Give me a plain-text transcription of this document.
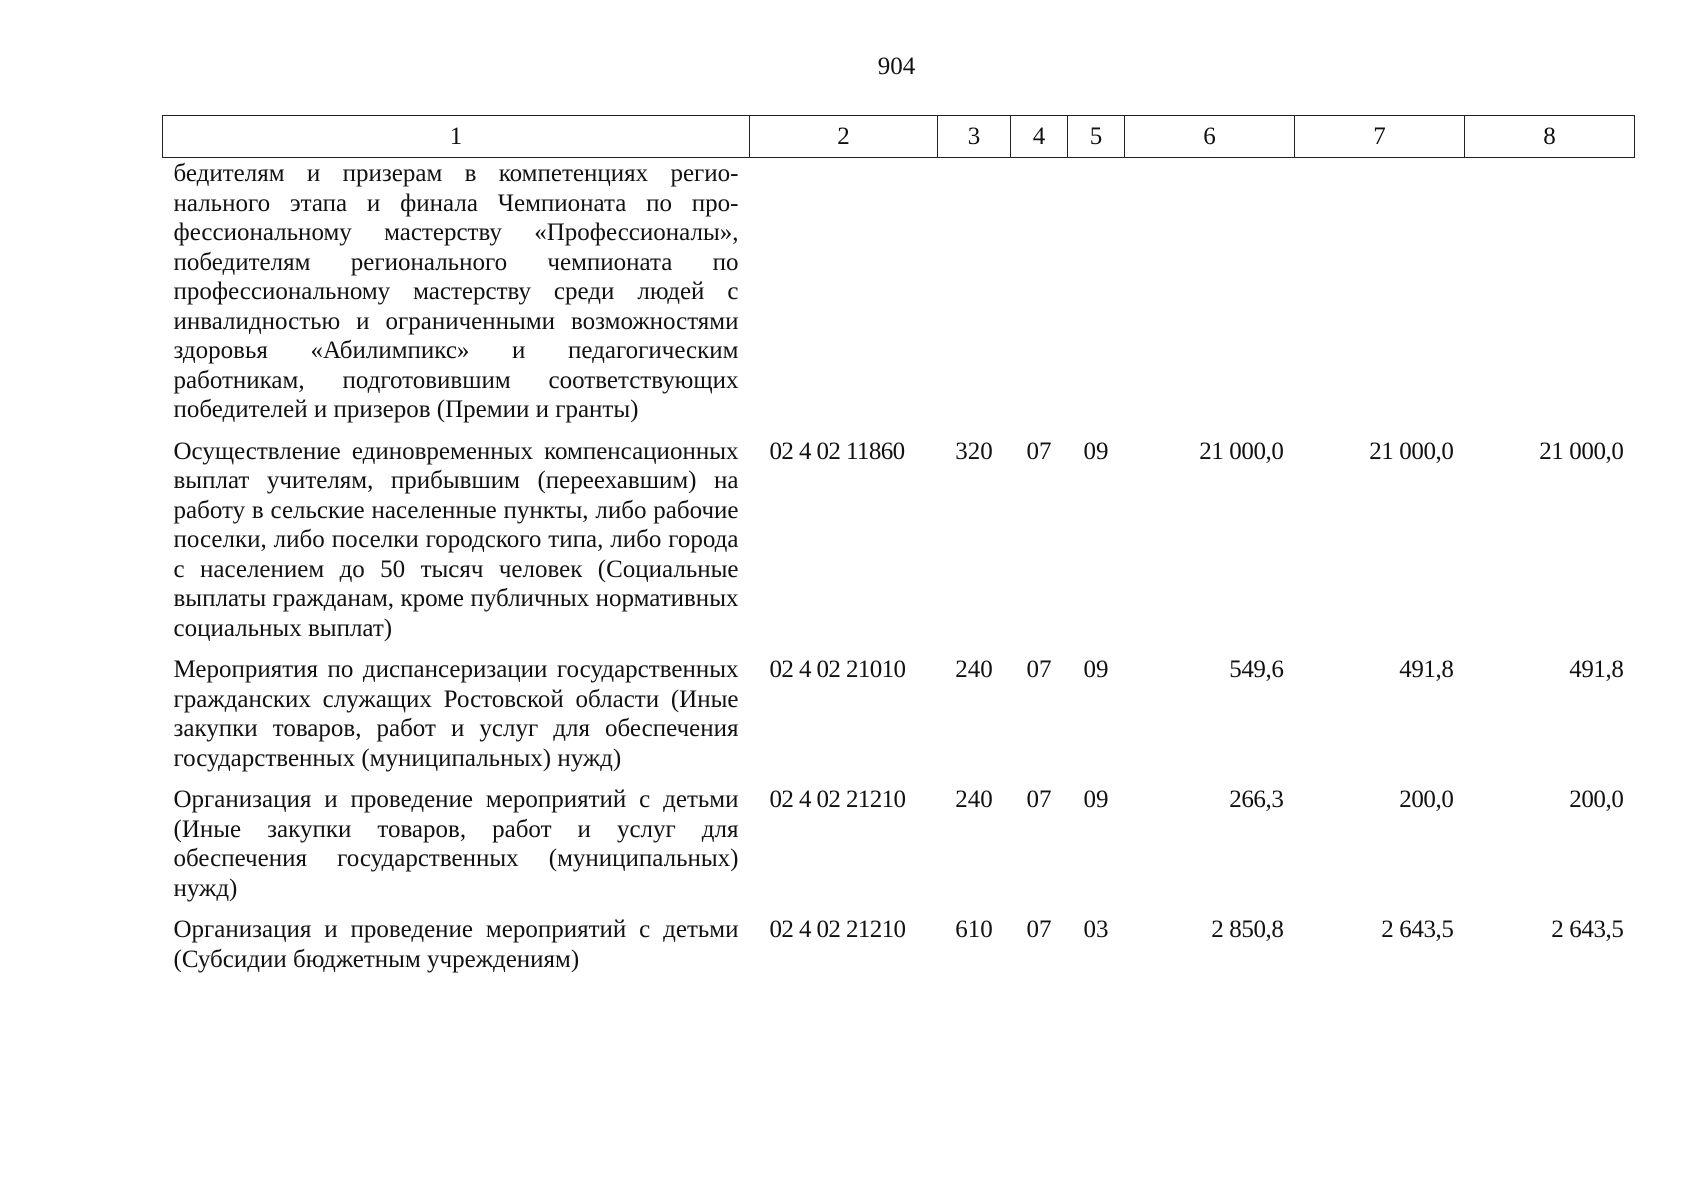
904
1	2	3	4	5	6	7	8
бедителям и призерам в компетенциях регионального этапа и финала Чемпионата по профессиональному мастерству «Профессионалы», победителям регионального чемпионата по профессиональному мастерству среди людей с инвалидностью и ограниченными возможностями здоровья «Абилимпикс» и педагогическим работникам, подготовившим соответствующих победителей и призеров (Премии и гранты)							
Осуществление единовременных компенсационных выплат учителям, прибывшим (переехавшим) на работу в сельские населенные пункты, либо рабочие поселки, либо поселки городского типа, либо города с населением до 50 тысяч человек (Социальные выплаты гражданам, кроме публичных нормативных социальных выплат)	02 4 02 11860	320	07	09	21 000,0	21 000,0	21 000,0
Мероприятия по диспансеризации государственных гражданских служащих Ростовской области (Иные закупки товаров, работ и услуг для обеспечения государственных (муниципальных) нужд)	02 4 02 21010	240	07	09	549,6	491,8	491,8
Организация и проведение мероприятий с детьми (Иные закупки товаров, работ и услуг для обеспечения государственных (муниципальных) нужд)	02 4 02 21210	240	07	09	266,3	200,0	200,0
Организация и проведение мероприятий с детьми (Субсидии бюджетным учреждениям)	02 4 02 21210	610	07	03	2 850,8	2 643,5	2 643,5
